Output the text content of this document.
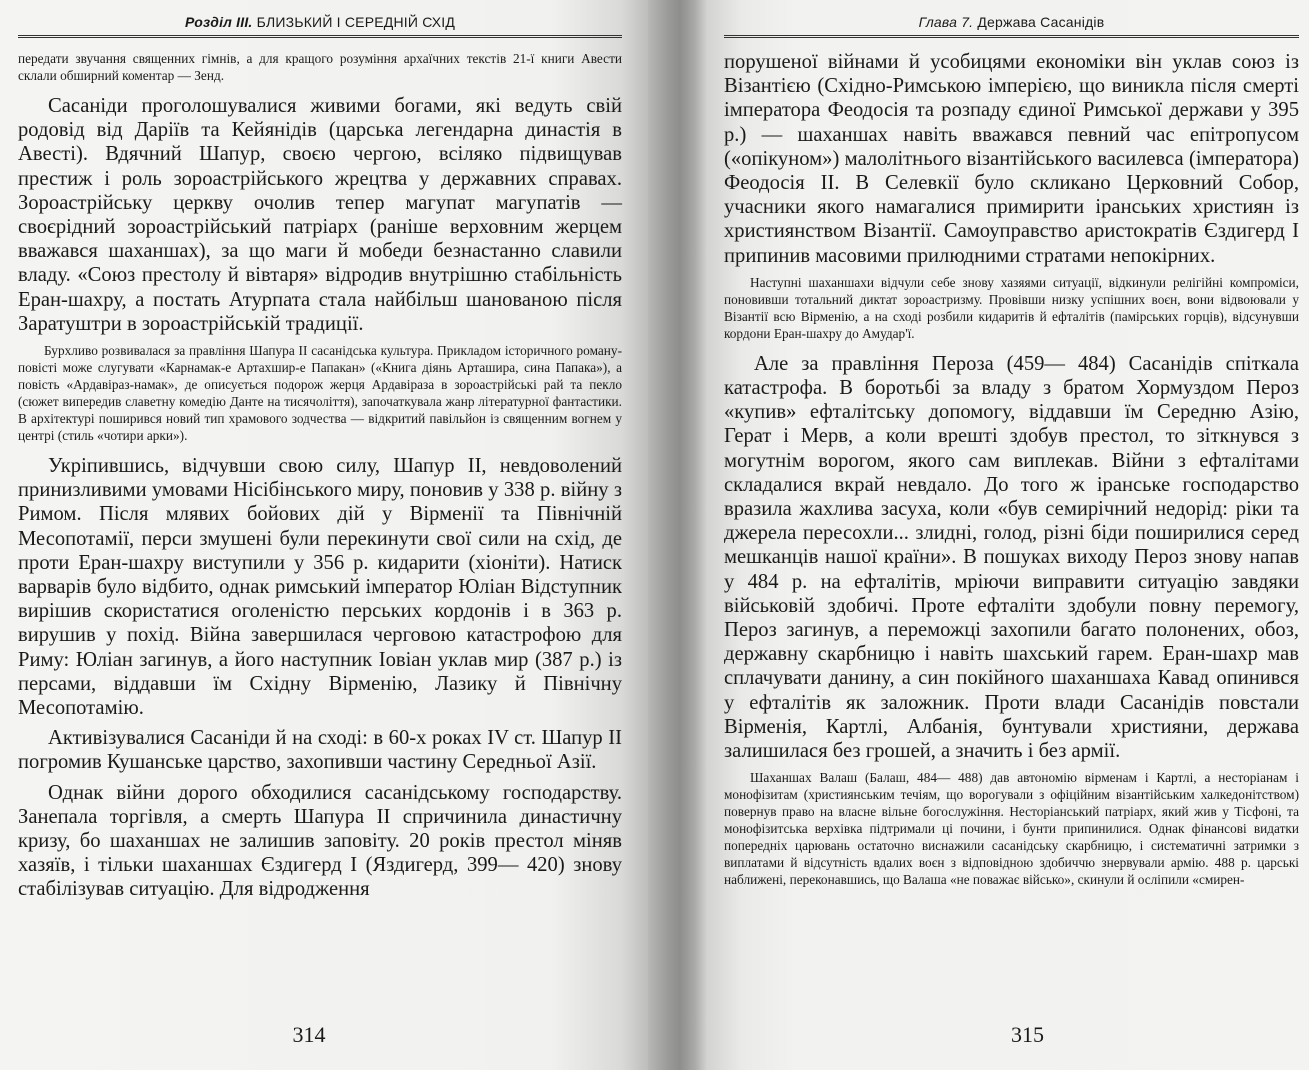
Розділ III. БЛИЗЬКИЙ І СЕРЕДНІЙ СХІД

передати звучання священних гімнів, а для кращого розуміння архаїчних текстів 21-ї книги Авести склали обширний коментар — Зенд.

Сасаніди проголошувалися живими богами, які ведуть свій родовід від Даріїв та Кейянідів (царська легендарна династія в Авесті). Вдячний Шапур, своєю чергою, всіляко підвищував престиж і роль зороастрійського жрецтва у державних справах. Зороастрійську церкву очолив тепер магупат магупатів — своєрідний зороастрійський патріарх (раніше верховним жерцем вважався шаханшах), за що маги й мобеди безнастанно славили владу. «Союз престолу й вівтаря» відродив внутрішню стабільність Еран-шахру, а постать Атурпата стала найбільш шанованою після Заратуштри в зороастрійській традиції.

Бурхливо розвивалася за правління Шапура II сасанідська культура. Прикладом історичного роману-повісті може слугувати «Карнамак-е Артахшир-е Папакан» («Книга діянь Арташира, сина Папака»), а повість «Ардавіраз-намак», де описується подорож жерця Ардавіраза в зороастрійські рай та пекло (сюжет випередив славетну комедію Данте на тисячоліття), започаткувала жанр літературної фантастики. В архітектурі поширився новий тип храмового зодчества — відкритий павільйон із священним вогнем у центрі (стиль «чотири арки»).

Укріпившись, відчувши свою силу, Шапур II, невдоволений принизливими умовами Нісібінського миру, поновив у 338 р. війну з Римом. Після млявих бойових дій у Вірменії та Північній Месопотамії, перси змушені були перекинути свої сили на схід, де проти Еран-шахру виступили у 356 р. кидарити (хіоніти). Натиск варварів було відбито, однак римський імператор Юліан Відступник вирішив скористатися оголеністю перських кордонів і в 363 р. вирушив у похід. Війна завершилася черговою катастрофою для Риму: Юліан загинув, а його наступник Іовіан уклав мир (387 р.) із персами, віддавши їм Східну Вірменію, Лазику й Північну Месопотамію.

Активізувалися Сасаніди й на сході: в 60-х роках IV ст. Шапур II погромив Кушанське царство, захопивши частину Середньої Азії.

Однак війни дорого обходилися сасанідському господарству. Занепала торгівля, а смерть Шапура II спричинила династичну кризу, бо шаханшах не залишив заповіту. 20 років престол міняв хазяїв, і тільки шаханшах Єздигерд I (Яздигерд, 399— 420) знову стабілізував ситуацію. Для відродження

314
Глава 7. Держава Сасанідів

порушеної війнами й усобицями економіки він уклав союз із Візантією (Східно-Римською імперією, що виникла після смерті імператора Феодосія та розпаду єдиної Римської держави у 395 р.) — шаханшах навіть вважався певний час епітропусом («опікуном») малолітнього візантійського василевса (імператора) Феодосія II. В Селевкії було скликано Церковний Собор, учасники якого намагалися примирити іранських християн із християнством Візантії. Самоуправство аристократів Єздигерд І припинив масовими прилюдними стратами непокірних.

Наступні шаханшахи відчули себе знову хазяями ситуації, відкинули релігійні компроміси, поновивши тотальний диктат зороастризму. Провівши низку успішних воєн, вони відвоювали у Візантії всю Вірменію, а на сході розбили кидаритів й ефталітів (памірських горців), відсунувши кордони Еран-шахру до Амудар'ї.

Але за правління Пероза (459— 484) Сасанідів спіткала катастрофа. В боротьбі за владу з братом Хормуздом Пероз «купив» ефталітську допомогу, віддавши їм Середню Азію, Герат і Мерв, а коли врешті здобув престол, то зіткнувся з могутнім ворогом, якого сам виплекав. Війни з ефталітами складалися вкрай невдало. До того ж іранське господарство вразила жахлива засуха, коли «був семирічний недорід: ріки та джерела пересохли... злидні, голод, різні біди поширилися серед мешканців нашої країни». В пошуках виходу Пероз знову напав у 484 р. на ефталітів, мріючи виправити ситуацію завдяки військовій здобичі. Проте ефталіти здобули повну перемогу, Пероз загинув, а переможці захопили багато полонених, обоз, державну скарбницю і навіть шахський гарем. Еран-шахр мав сплачувати данину, а син покійного шаханшаха Кавад опинився у ефталітів як заложник. Проти влади Сасанідів повстали Вірменія, Картлі, Албанія, бунтували християни, держава залишилася без грошей, а значить і без армії.

Шаханшах Валаш (Балаш, 484— 488) дав автономію вірменам і Картлі, а несторіанам і монофізитам (християнським течіям, що ворогували з офіційним візантійським халкедонітством) повернув право на власне вільне богослужіння. Несторіанський патріарх, який жив у Тісфоні, та монофізитська верхівка підтримали ці почини, і бунти припинилися. Однак фінансові видатки попередніх царювань остаточно виснажили сасанідську скарбницю, і систематичні затримки з виплатами й відсутність вдалих воєн з відповідною здобиччю знервували армію. 488 р. царські наближені, переконавшись, що Валаша «не поважає військо», скинули й осліпили «смирен-

315
